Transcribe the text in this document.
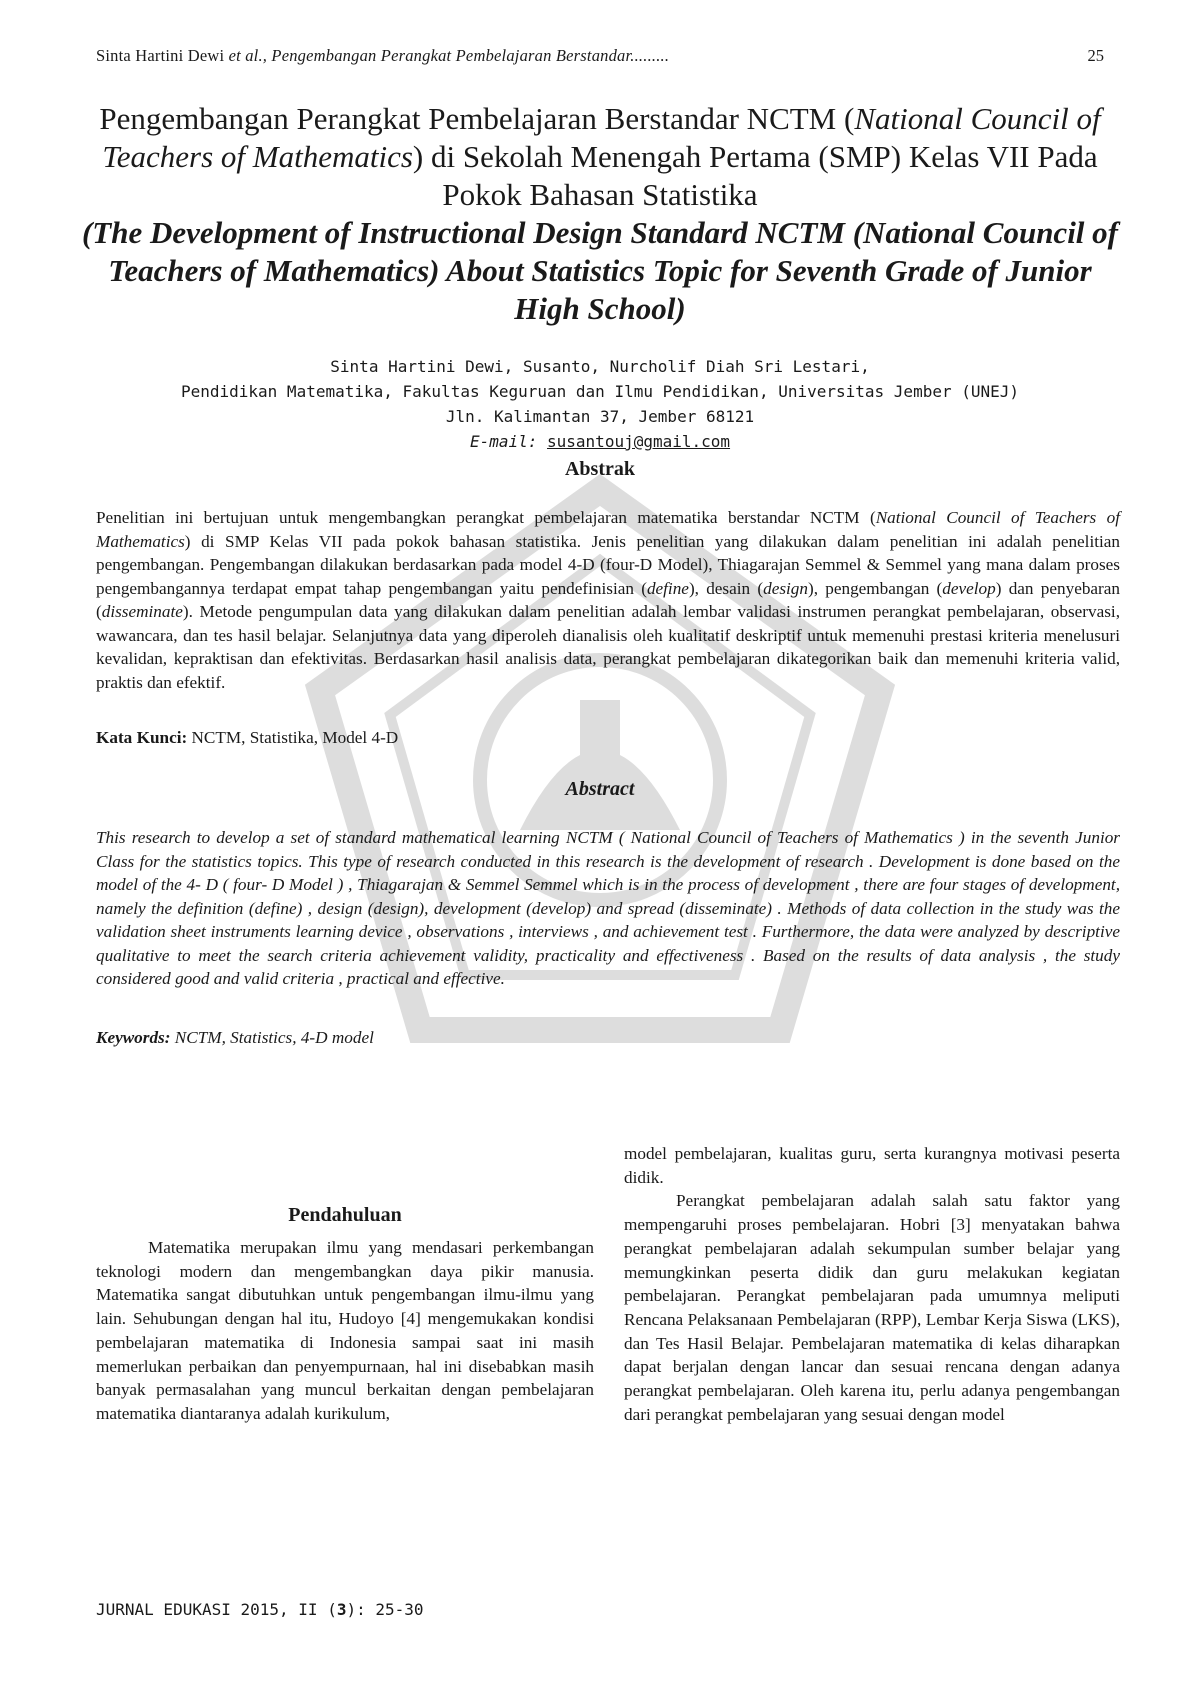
Sinta Hartini Dewi et al., Pengembangan Perangkat Pembelajaran Berstandar.........	25
Pengembangan Perangkat Pembelajaran Berstandar NCTM (National Council of Teachers of Mathematics) di Sekolah Menengah Pertama (SMP) Kelas VII Pada Pokok Bahasan Statistika
(The Development of Instructional Design Standard NCTM (National Council of Teachers of Mathematics) About Statistics Topic for Seventh Grade of Junior High School)
Sinta Hartini Dewi, Susanto, Nurcholif Diah Sri Lestari,
Pendidikan Matematika, Fakultas Keguruan dan Ilmu Pendidikan, Universitas Jember (UNEJ)
Jln. Kalimantan 37, Jember 68121
E-mail: susantouj@gmail.com
Abstrak
Penelitian ini bertujuan untuk mengembangkan perangkat pembelajaran matematika berstandar NCTM (National Council of Teachers of Mathematics) di SMP Kelas VII pada pokok bahasan statistika. Jenis penelitian yang dilakukan dalam penelitian ini adalah penelitian pengembangan. Pengembangan dilakukan berdasarkan pada model 4-D (four-D Model), Thiagarajan Semmel & Semmel yang mana dalam proses pengembangannya terdapat empat tahap pengembangan yaitu pendefinisian (define), desain (design), pengembangan (develop) dan penyebaran (disseminate). Metode pengumpulan data yang dilakukan dalam penelitian adalah lembar validasi instrumen perangkat pembelajaran, observasi, wawancara, dan tes hasil belajar. Selanjutnya data yang diperoleh dianalisis oleh kualitatif deskriptif untuk memenuhi prestasi kriteria menelusuri kevalidan, kepraktisan dan efektivitas. Berdasarkan hasil analisis data, perangkat pembelajaran dikategorikan baik dan memenuhi kriteria valid, praktis dan efektif.
Kata Kunci: NCTM, Statistika, Model 4-D
Abstract
This research to develop a set of standard mathematical learning NCTM ( National Council of Teachers of Mathematics ) in the seventh Junior Class for the statistics topics. This type of research conducted in this research is the development of research . Development is done based on the model of the 4- D ( four- D Model ) , Thiagarajan & Semmel Semmel which is in the process of development , there are four stages of development, namely the definition (define) , design (design), development (develop) and spread (disseminate) . Methods of data collection in the study was the validation sheet instruments learning device , observations , interviews , and achievement test . Furthermore, the data were analyzed by descriptive qualitative to meet the search criteria achievement validity, practicality and effectiveness . Based on the results of data analysis , the study considered good and valid criteria , practical and effective.
Keywords: NCTM, Statistics, 4-D model
Pendahuluan

Matematika merupakan ilmu yang mendasari perkembangan teknologi modern dan mengembangkan daya pikir manusia. Matematika sangat dibutuhkan untuk pengembangan ilmu-ilmu yang lain. Sehubungan dengan hal itu, Hudoyo [4] mengemukakan kondisi pembelajaran matematika di Indonesia sampai saat ini masih memerlukan perbaikan dan penyempurnaan, hal ini disebabkan masih banyak permasalahan yang muncul berkaitan dengan pembelajaran matematika diantaranya adalah kurikulum,

model pembelajaran, kualitas guru, serta kurangnya motivasi peserta didik.

Perangkat pembelajaran adalah salah satu faktor yang mempengaruhi proses pembelajaran. Hobri [3] menyatakan bahwa perangkat pembelajaran adalah sekumpulan sumber belajar yang memungkinkan peserta didik dan guru melakukan kegiatan pembelajaran. Perangkat pembelajaran pada umumnya meliputi Rencana Pelaksanaan Pembelajaran (RPP), Lembar Kerja Siswa (LKS), dan Tes Hasil Belajar. Pembelajaran matematika di kelas diharapkan dapat berjalan dengan lancar dan sesuai rencana dengan adanya perangkat pembelajaran. Oleh karena itu, perlu adanya pengembangan dari perangkat pembelajaran yang sesuai dengan model

JURNAL EDUKASI 2015, II (3): 25-30
